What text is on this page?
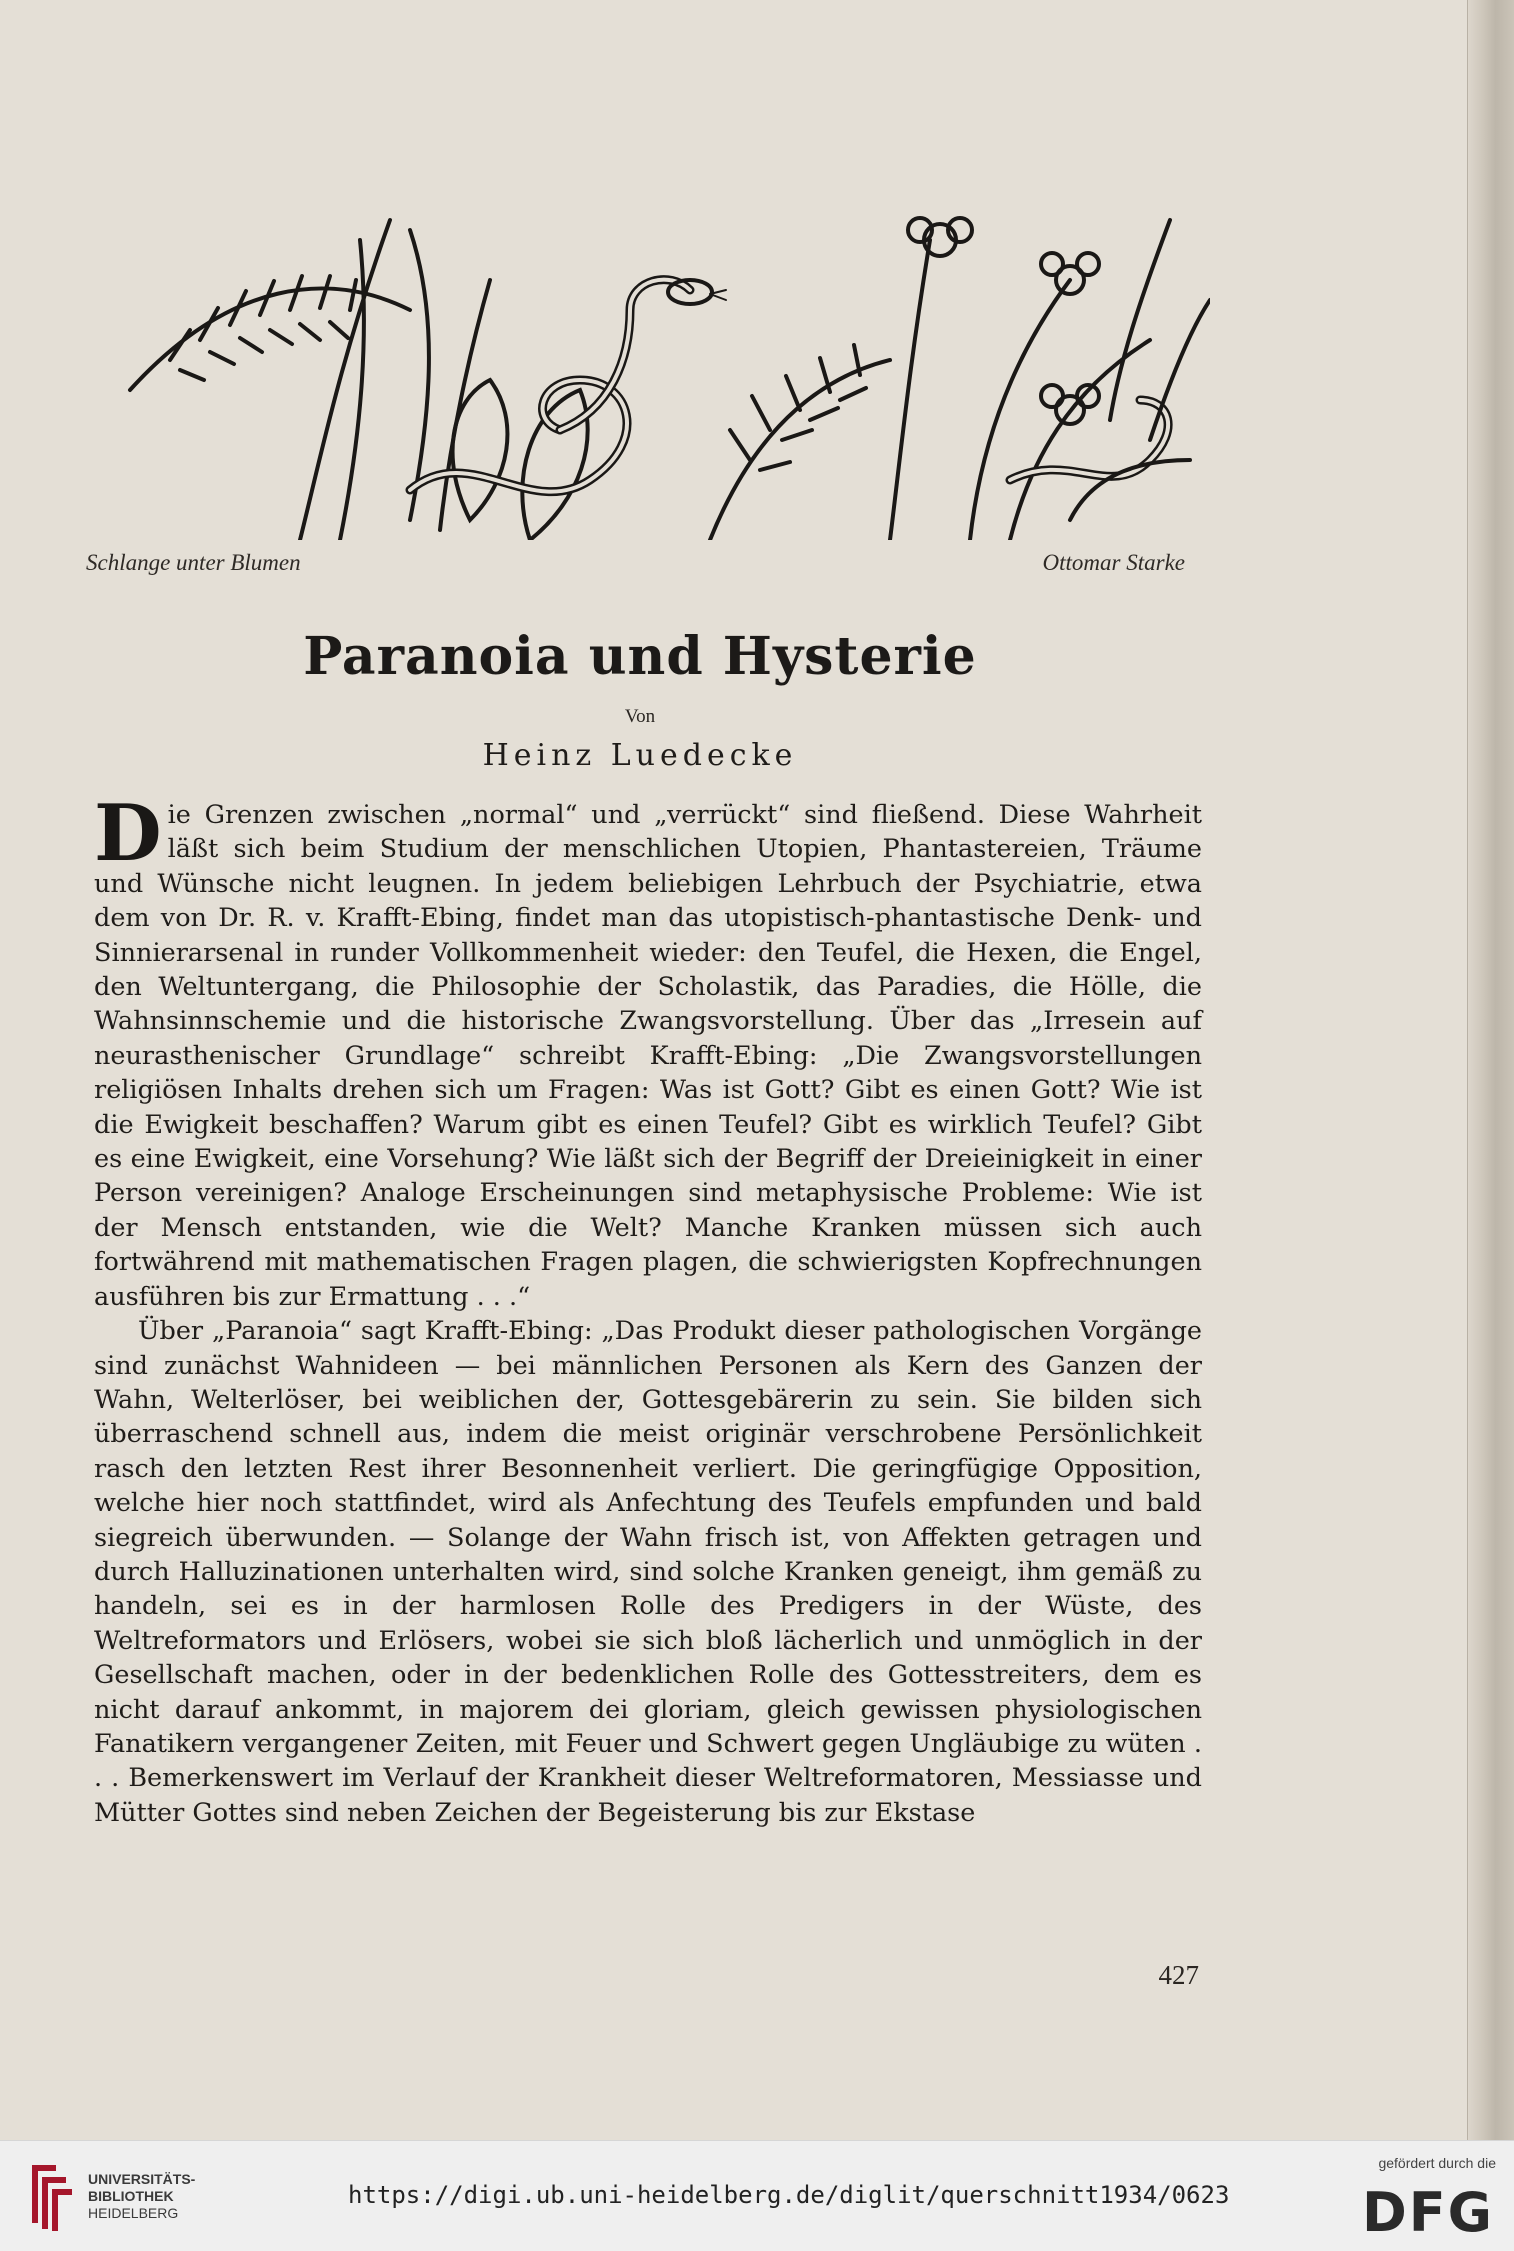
Schlange unter Blumen	Ottomar Starke
Paranoia und Hysterie
Von
Heinz Luedecke

Die Grenzen zwischen „normal“ und „verrückt“ sind fließend. Diese Wahrheit läßt sich beim Studium der menschlichen Utopien, Phantastereien, Träume und Wünsche nicht leugnen. In jedem beliebigen Lehrbuch der Psychiatrie, etwa dem von Dr. R. v. Krafft-Ebing, findet man das utopistisch-phantastische Denk- und Sinnierarsenal in runder Vollkommenheit wieder: den Teufel, die Hexen, die Engel, den Weltuntergang, die Philosophie der Scholastik, das Paradies, die Hölle, die Wahnsinnschemie und die historische Zwangsvorstellung. Über das „Irresein auf neurasthenischer Grundlage“ schreibt Krafft-Ebing: „Die Zwangsvorstellungen religiösen Inhalts drehen sich um Fragen: Was ist Gott? Gibt es einen Gott? Wie ist die Ewigkeit beschaffen? Warum gibt es einen Teufel? Gibt es wirklich Teufel? Gibt es eine Ewigkeit, eine Vorsehung? Wie läßt sich der Begriff der Dreieinigkeit in einer Person vereinigen? Analoge Erscheinungen sind metaphysische Probleme: Wie ist der Mensch entstanden, wie die Welt? Manche Kranken müssen sich auch fortwährend mit mathematischen Fragen plagen, die schwierigsten Kopfrechnungen ausführen bis zur Ermattung . . .“

Über „Paranoia“ sagt Krafft-Ebing: „Das Produkt dieser pathologischen Vorgänge sind zunächst Wahnideen — bei männlichen Personen als Kern des Ganzen der Wahn, Welterlöser, bei weiblichen der, Gottesgebärerin zu sein. Sie bilden sich überraschend schnell aus, indem die meist originär verschrobene Persönlichkeit rasch den letzten Rest ihrer Besonnenheit verliert. Die geringfügige Opposition, welche hier noch stattfindet, wird als Anfechtung des Teufels empfunden und bald siegreich überwunden. — Solange der Wahn frisch ist, von Affekten getragen und durch Halluzinationen unterhalten wird, sind solche Kranken geneigt, ihm gemäß zu handeln, sei es in der harmlosen Rolle des Predigers in der Wüste, des Weltreformators und Erlösers, wobei sie sich bloß lächerlich und unmöglich in der Gesellschaft machen, oder in der bedenklichen Rolle des Gottesstreiters, dem es nicht darauf ankommt, in majorem dei gloriam, gleich gewissen physiologischen Fanatikern vergangener Zeiten, mit Feuer und Schwert gegen Ungläubige zu wüten . . . Bemerkenswert im Verlauf der Krankheit dieser Weltreformatoren, Messiasse und Mütter Gottes sind neben Zeichen der Begeisterung bis zur Ekstase

427
UNIVERSITÄTS-
BIBLIOTHEK
HEIDELBERG
https://digi.ub.uni-heidelberg.de/diglit/querschnitt1934/0623
gefördert durch die
DFG
